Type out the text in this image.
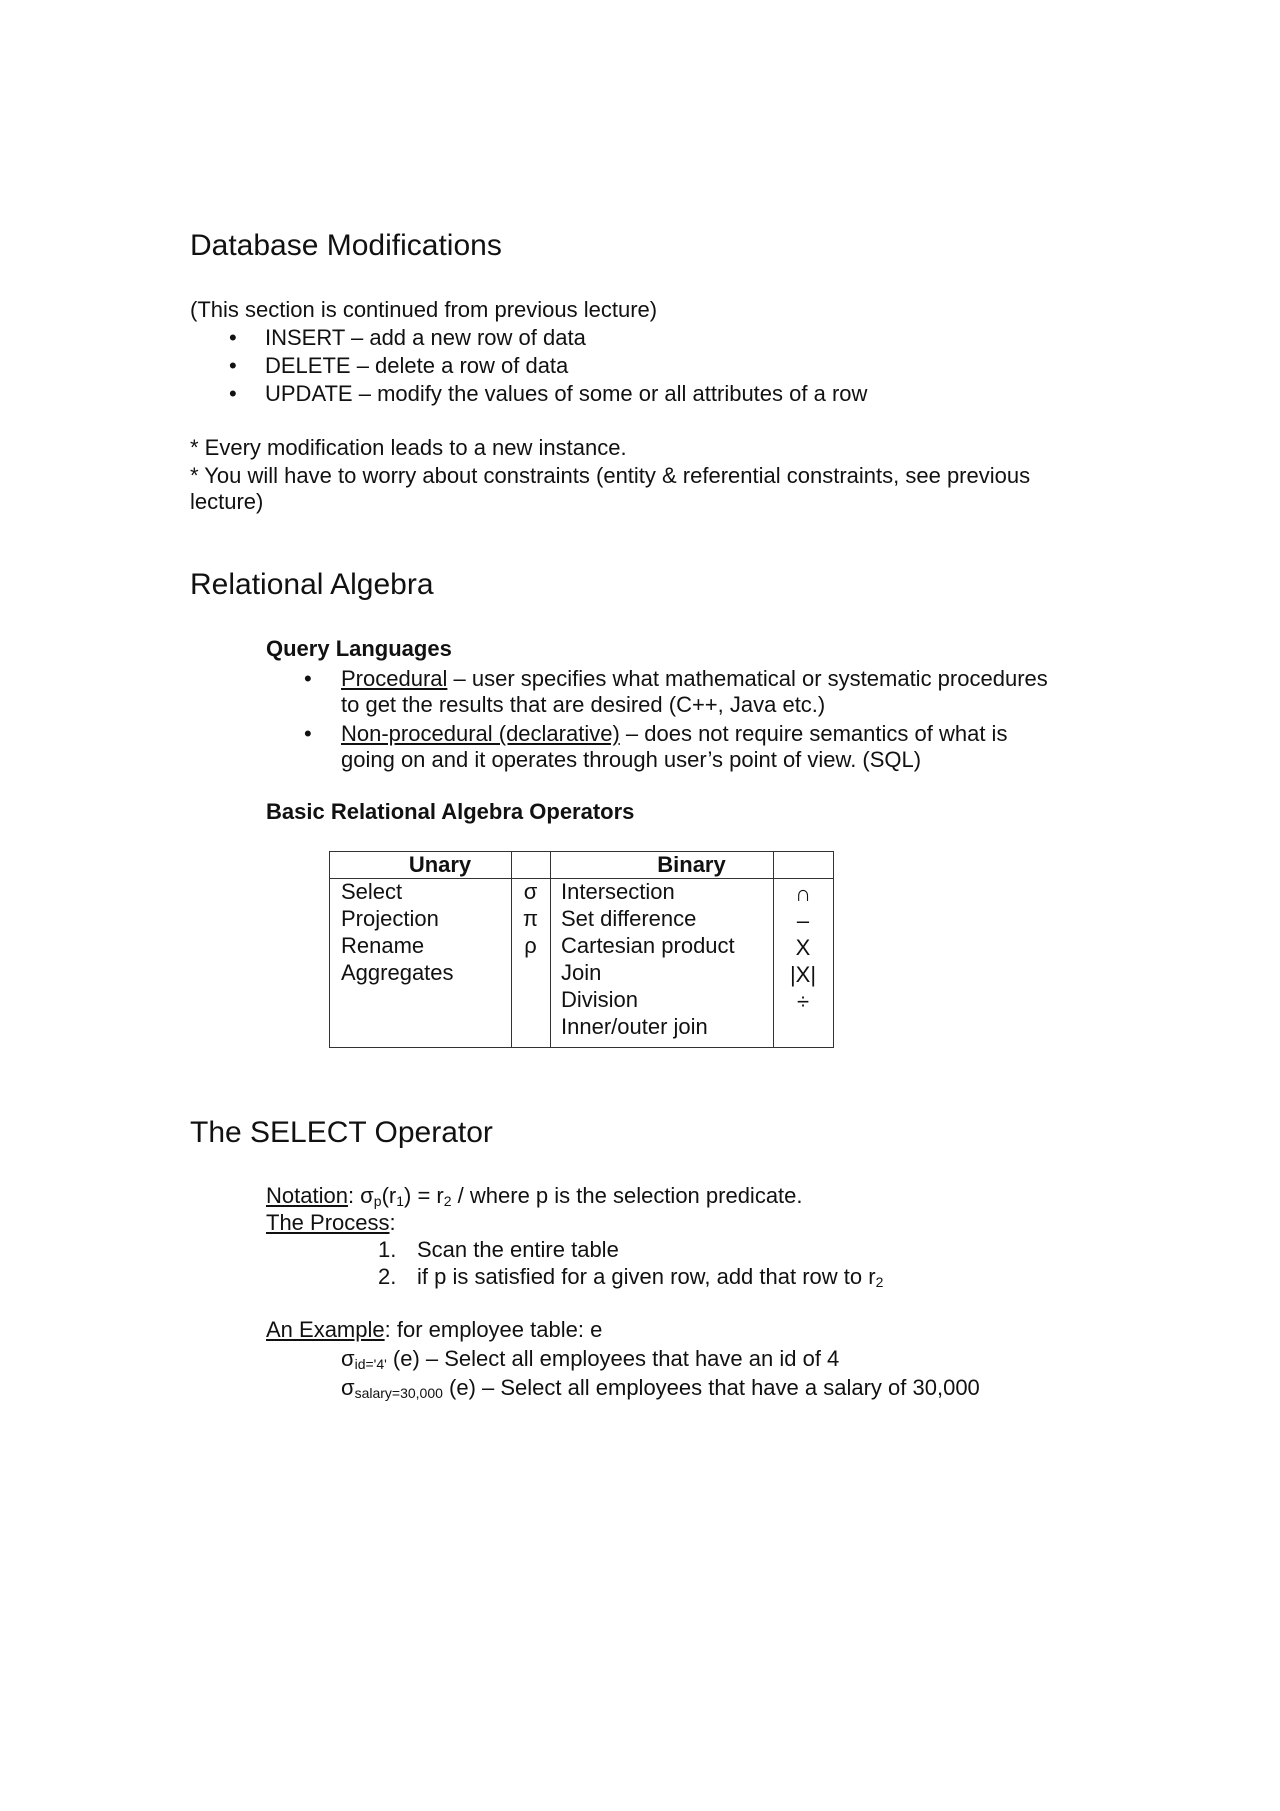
Database Modifications
(This section is continued from previous lecture)
• INSERT – add a new row of data
• DELETE – delete a row of data
• UPDATE – modify the values of some or all attributes of a row
* Every modification leads to a new instance.
* You will have to worry about constraints (entity & referential constraints, see previous
lecture)
Relational Algebra
Query Languages
• Procedural – user specifies what mathematical or systematic procedures
to get the results that are desired (C++, Java etc.)
• Non-procedural (declarative) – does not require semantics of what is
going on and it operates through user’s point of view. (SQL)
Basic Relational Algebra Operators
Unary	Binary
Select
Projection
Rename
Aggregates
σ
π
ρ
Intersection
Set difference
Cartesian product
Join
Division
Inner/outer join
∩
–
X
|X|
÷
The SELECT Operator
Notation: $\sigma_p(r_1) = r_2$ / where p is the selection predicate.
The Process:
1. Scan the entire table
2. if p is satisfied for a given row, add that row to $r_2$
An Example: for employee table: e
$\sigma_{id='4'}$ (e) – Select all employees that have an id of 4
$\sigma_{salary=30,000}$ (e) – Select all employees that have a salary of 30,000
